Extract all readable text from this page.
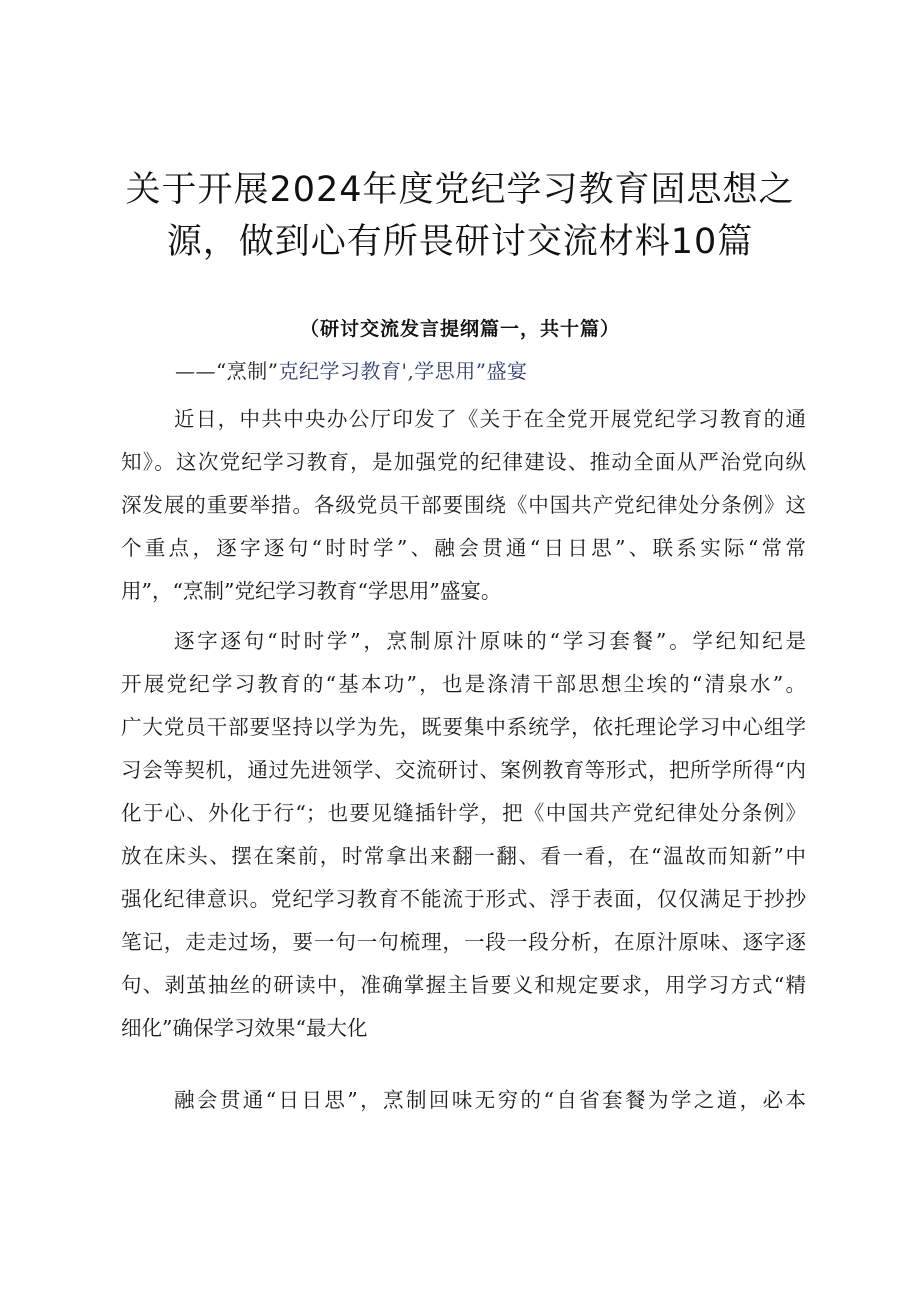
关于开展2024年度党纪学习教育固思想之
源，做到心有所畏研讨交流材料10篇
（研讨交流发言提纲篇一，共十篇）
——“烹制”克纪学习教育',学思用”盛宴
近日，中共中央办公厅印发了《关于在全党开展党纪学习教育的通
知》。这次党纪学习教育，是加强党的纪律建设、推动全面从严治党向纵
深发展的重要举措。各级党员干部要围绕《中国共产党纪律处分条例》这
个重点，逐字逐句“时时学”、融会贯通“日日思”、联系实际“常常
用”，“烹制”党纪学习教育“学思用”盛宴。
逐字逐句“时时学”，烹制原汁原味的“学习套餐”。学纪知纪是
开展党纪学习教育的“基本功”，也是涤清干部思想尘埃的“清泉水”。
广大党员干部要坚持以学为先，既要集中系统学，依托理论学习中心组学
习会等契机，通过先进领学、交流研讨、案例教育等形式，把所学所得“内
化于心、外化于行“；也要见缝插针学，把《中国共产党纪律处分条例》
放在床头、摆在案前，时常拿出来翻一翻、看一看，在“温故而知新”中
强化纪律意识。党纪学习教育不能流于形式、浮于表面，仅仅满足于抄抄
笔记，走走过场，要一句一句梳理，一段一段分析，在原汁原味、逐字逐
句、剥茧抽丝的研读中，准确掌握主旨要义和规定要求，用学习方式“精
细化”确保学习效果“最大化
融会贯通“日日思”，烹制回味无穷的“自省套餐为学之道，必本
